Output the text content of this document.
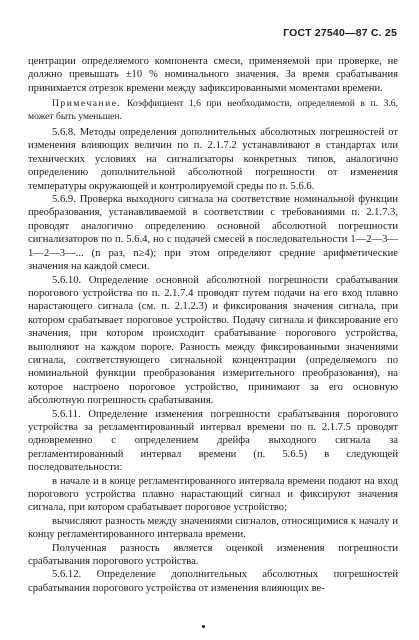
ГОСТ 27540—87 С. 25

центрации определяемого компонента смеси, применяемой при проверке, не должно превышать ±10 % номинального значения. За время срабатывания принимается отрезок времени между зафиксированными моментами времени.

Примечание. Коэффициент 1,6 при необходимости, определяемой в п. 3.6, может быть уменьшен.

5.6.8. Методы определения дополнительных абсолютных погрешностей от изменения влияющих величин по п. 2.1.7.2 устанавливают в стандартах или технических условиях на сигнализаторы конкретных типов, аналогично определению дополнительной абсолютной погрешности от изменения температуры окружающей и контролируемой среды по п. 5.6.6.

5.6.9. Проверка выходного сигнала на соответствие номинальной функции преобразования, устанавливаемой в соответствии с требованиями п. 2.1.7.3, проводят аналогично определению основной абсолютной погрешности сигнализаторов по п. 5.6.4, но с подачей смесей в последовательности 1—2—3—1—2—3—... (n раз, n≥4); при этом определяют средние арифметические значения на каждой смеси.

5.6.10. Определение основной абсолютной погрешности срабатывания порогового устройства по п. 2.1.7.4 проводят путем подачи на его вход плавно нарастающего сигнала (см. п. 2.1.2.3) и фиксирования значения сигнала, при котором срабатывает пороговое устройство. Подачу сигнала и фиксирование его значения, при котором происходит срабатывание порогового устройства, выполняют на каждом пороге. Разность между фиксированными значениями сигнала, соответствующего сигнальной концентрации (определяемого по номинальной функции преобразования измерительного преобразования), на которое настроено пороговое устройство, принимают за его основную абсолютную погрешность срабатывания.

5.6.11. Определение изменения погрешности срабатывания порогового устройства за регламентированный интервал времени по п. 2.1.7.5 проводят одновременно с определением дрейфа выходного сигнала за регламентированный интервал времени (п. 5.6.5) в следующей последовательности:

в начале и в конце регламентированного интервала времени подают на вход порогового устройства плавно нарастающий сигнал и фиксируют значения сигнала, при котором срабатывает пороговое устройство;

вычисляют разность между значениями сигналов, относящимися к началу и концу регламентированного интервала времени.

Полученная разность является оценкой изменения погрешности срабатывания порогового устройства.

5.6.12. Определение дополнительных абсолютных погрешностей срабатывания порогового устройства от изменения влияющих ве-
